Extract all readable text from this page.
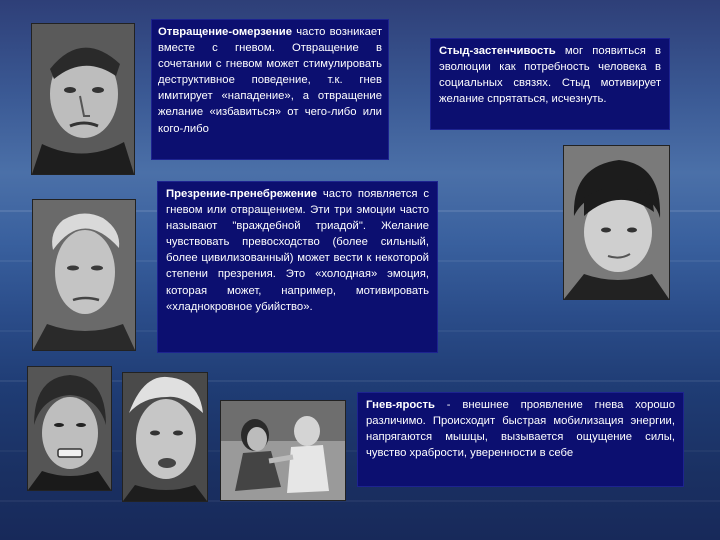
Отвращение-омерзение часто возникает вместе с гневом. Отвращение в сочетании с гневом может стимулировать деструктивное поведение, т.к. гнев имитирует «нападение», а отвращение желание «избавиться» от чего-либо или кого-либо
Стыд-застенчивость мог появиться в эволюции как потребность человека в социальных связях. Стыд мотивирует желание спрятаться, исчезнуть.
Презрение-пренебрежение часто появляется с гневом или отвращением. Эти три эмоции часто называют "враждебной триадой". Желание чувствовать превосходство (более сильный, более цивилизованный) может вести к некоторой степени презрения. Это «холодная» эмоция, которая может, например, мотивировать «хладнокровное убийство».
Гнев-ярость - внешнее проявление гнева хорошо различимо. Происходит быстрая мобилизация энергии, напрягаются мышцы, вызывается ощущение силы, чувство храбрости, уверенности в себе
